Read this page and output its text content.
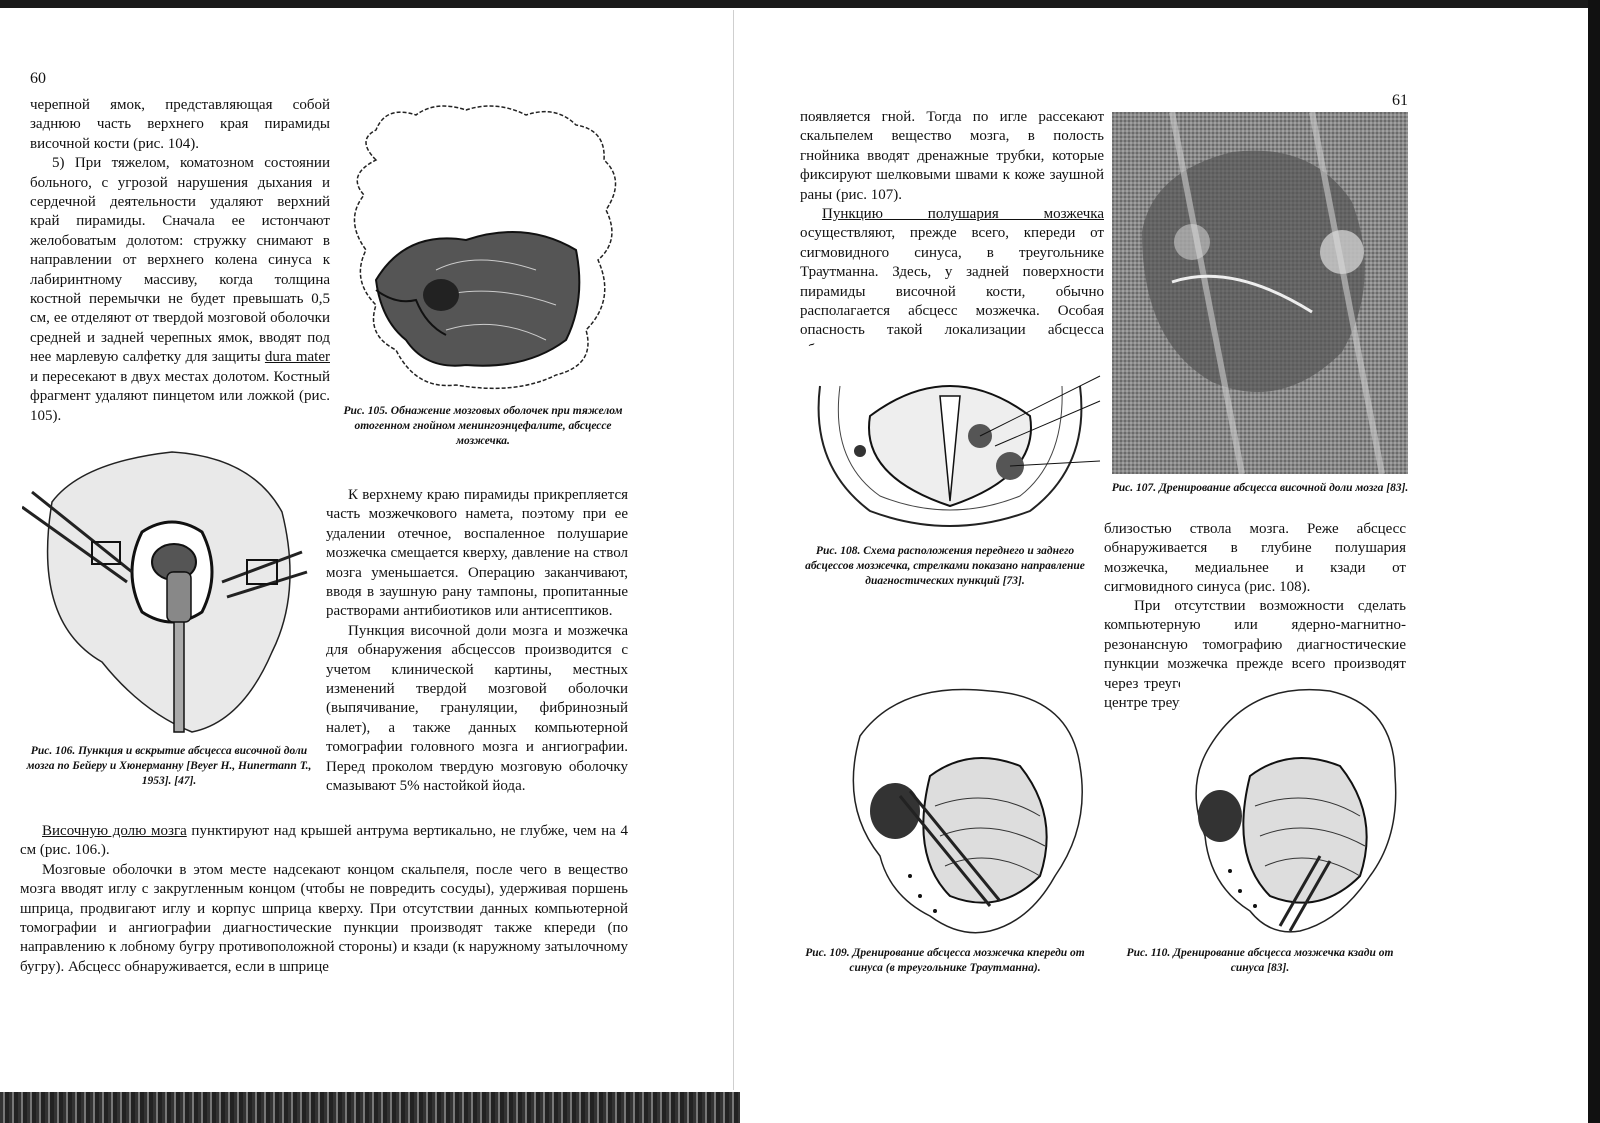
60

черепной ямок, представляющая собой заднюю часть верхнего края пирамиды височной кости (рис. 104).

5) При тяжелом, коматозном состоянии больного, с угрозой нарушения дыхания и сердечной деятельности удаляют верхний край пирамиды. Сначала ее истончают желобоватым долотом: стружку снимают в направлении от верхнего колена синуса к лабиринтному массиву, когда толщина костной перемычки не будет превышать 0,5 см, ее отделяют от твердой мозговой оболочки средней и задней черепных ямок, вводят под нее марлевую салфетку для защиты dura mater и пересекают в двух местах долотом. Костный фрагмент удаляют пинцетом или ложкой (рис. 105).	Рис. 105. Обнажение мозговых оболочек при тяжелом отогенном гнойном менингоэнцефалите, абсцессе мозжечка.
Рис. 106. Пункция и вскрытие абсцесса височной доли мозга по Бейеру и Хюнерманну [Beyer H., Hunermann T., 1953]. [47].

К верхнему краю пирамиды прикрепляется часть мозжечкового намета, поэтому при ее удалении отечное, воспаленное полушарие мозжечка смещается кверху, давление на ствол мозга уменьшается. Операцию заканчивают, вводя в заушную рану тампоны, пропитанные растворами антибиотиков или антисептиков.

Пункция височной доли мозга и мозжечка для обнаружения абсцессов производится с учетом клинической картины, местных изменений твердой мозговой оболочки (выпячивание, грануляции, фибринозный налет), а также данных компьютерной томографии головного мозга и ангиографии. Перед проколом твердую мозговую оболочку смазывают 5% настойкой йода.

Височную долю мозга пунктируют над крышей антрума вертикально, не глубже, чем на 4 см (рис. 106.).

Мозговые оболочки в этом месте надсекают концом скальпеля, после чего в вещество мозга вводят иглу с закругленным концом (чтобы не повредить сосуды), удерживая поршень шприца, продвигают иглу и корпус шприца кверху. При отсутствии данных компьютерной томографии и ангиографии диагностические пункции производят также кпереди (по направлению к лобному бугру противоположной стороны) и кзади (к наружному затылочному бугру). Абсцесс обнаруживается, если в шприце

61

появляется гной. Тогда по игле рассекают скальпелем вещество мозга, в полость гнойника вводят дренажные трубки, которые фиксируют шелковыми швами к коже заушной раны (рис. 107).

Пункцию полушария мозжечка осуществляют, прежде всего, кпереди от сигмовидного синуса, в треугольнике Траутманна. Здесь, у задней поверхности пирамиды височной кости, обычно располагается абсцесс мозжечка. Особая опасность такой локализации абсцесса объясняется

Рис. 107. Дренирование абсцесса височной доли мозга [83].
Рис. 108. Схема расположения переднего и заднего абсцессов мозжечка, стрелками показано направление диагностических пункций [73].

близостью ствола мозга. Реже абсцесс обнаруживается в глубине полушария мозжечка, медиальнее и кзади от сигмовидного синуса (рис. 108).

При отсутствии возможности сделать компьютерную или ядерно-магнитно-резонансную томографию диагностические пункции мозжечка прежде всего производят через треугольник Траутманна. Пунктируют в центре треугольника парал-

Рис. 109. Дренирование абсцесса мозжечка кпереди от синуса (в треугольнике Траутманна).
Рис. 110. Дренирование абсцесса мозжечка кзади от синуса [83].
